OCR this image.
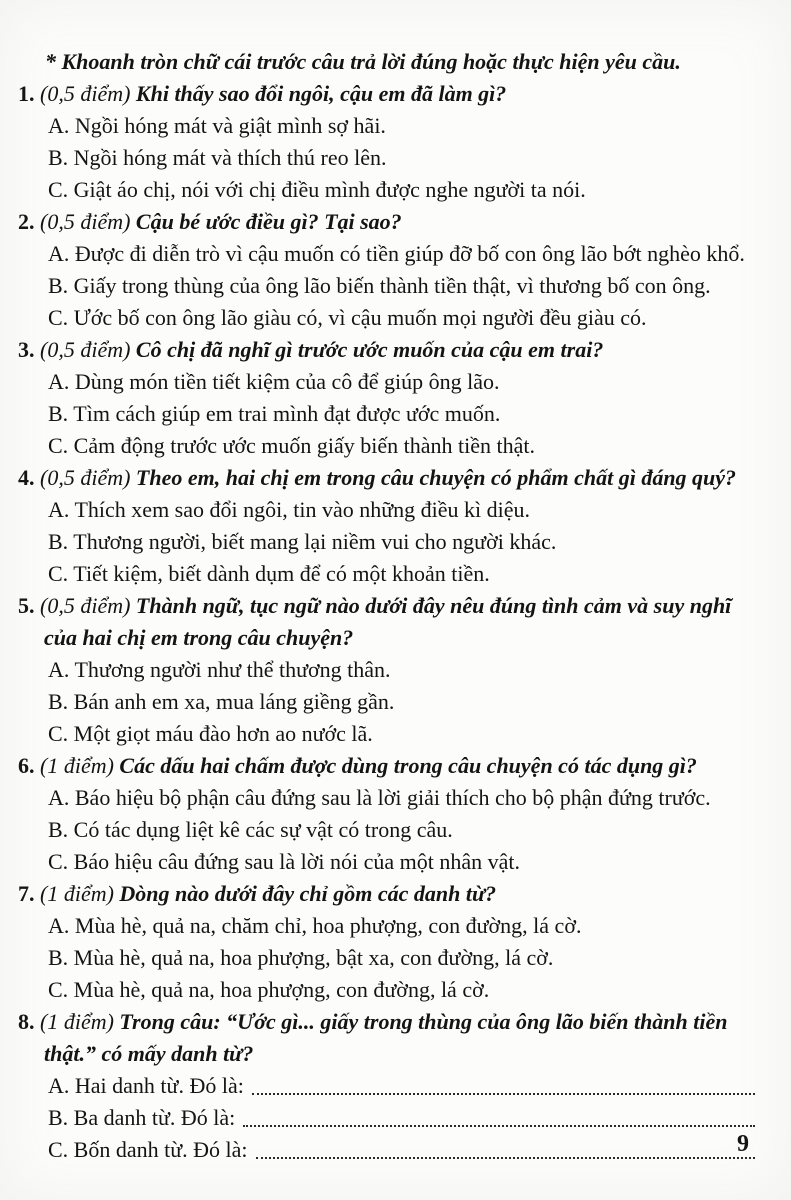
* Khoanh tròn chữ cái trước câu trả lời đúng hoặc thực hiện yêu cầu.

1. (0,5 điểm) Khi thấy sao đổi ngôi, cậu em đã làm gì?

A. Ngồi hóng mát và giật mình sợ hãi.

B. Ngồi hóng mát và thích thú reo lên.

C. Giật áo chị, nói với chị điều mình được nghe người ta nói.

2. (0,5 điểm) Cậu bé ước điều gì? Tại sao?

A. Được đi diễn trò vì cậu muốn có tiền giúp đỡ bố con ông lão bớt nghèo khổ.

B. Giấy trong thùng của ông lão biến thành tiền thật, vì thương bố con ông.

C. Ước bố con ông lão giàu có, vì cậu muốn mọi người đều giàu có.

3. (0,5 điểm) Cô chị đã nghĩ gì trước ước muốn của cậu em trai?

A. Dùng món tiền tiết kiệm của cô để giúp ông lão.

B. Tìm cách giúp em trai mình đạt được ước muốn.

C. Cảm động trước ước muốn giấy biến thành tiền thật.

4. (0,5 điểm) Theo em, hai chị em trong câu chuyện có phẩm chất gì đáng quý?

A. Thích xem sao đổi ngôi, tin vào những điều kì diệu.

B. Thương người, biết mang lại niềm vui cho người khác.

C. Tiết kiệm, biết dành dụm để có một khoản tiền.

5. (0,5 điểm) Thành ngữ, tục ngữ nào dưới đây nêu đúng tình cảm và suy nghĩ của hai chị em trong câu chuyện?

A. Thương người như thể thương thân.

B. Bán anh em xa, mua láng giềng gần.

C. Một giọt máu đào hơn ao nước lã.

6. (1 điểm) Các dấu hai chấm được dùng trong câu chuyện có tác dụng gì?

A. Báo hiệu bộ phận câu đứng sau là lời giải thích cho bộ phận đứng trước.

B. Có tác dụng liệt kê các sự vật có trong câu.

C. Báo hiệu câu đứng sau là lời nói của một nhân vật.

7. (1 điểm) Dòng nào dưới đây chỉ gồm các danh từ?

A. Mùa hè, quả na, chăm chỉ, hoa phượng, con đường, lá cờ.

B. Mùa hè, quả na, hoa phượng, bật xa, con đường, lá cờ.

C. Mùa hè, quả na, hoa phượng, con đường, lá cờ.

8. (1 điểm) Trong câu: “Ước gì... giấy trong thùng của ông lão biến thành tiền thật.” có mấy danh từ?

A. Hai danh từ. Đó là:

B. Ba danh từ. Đó là:

C. Bốn danh từ. Đó là:	9
